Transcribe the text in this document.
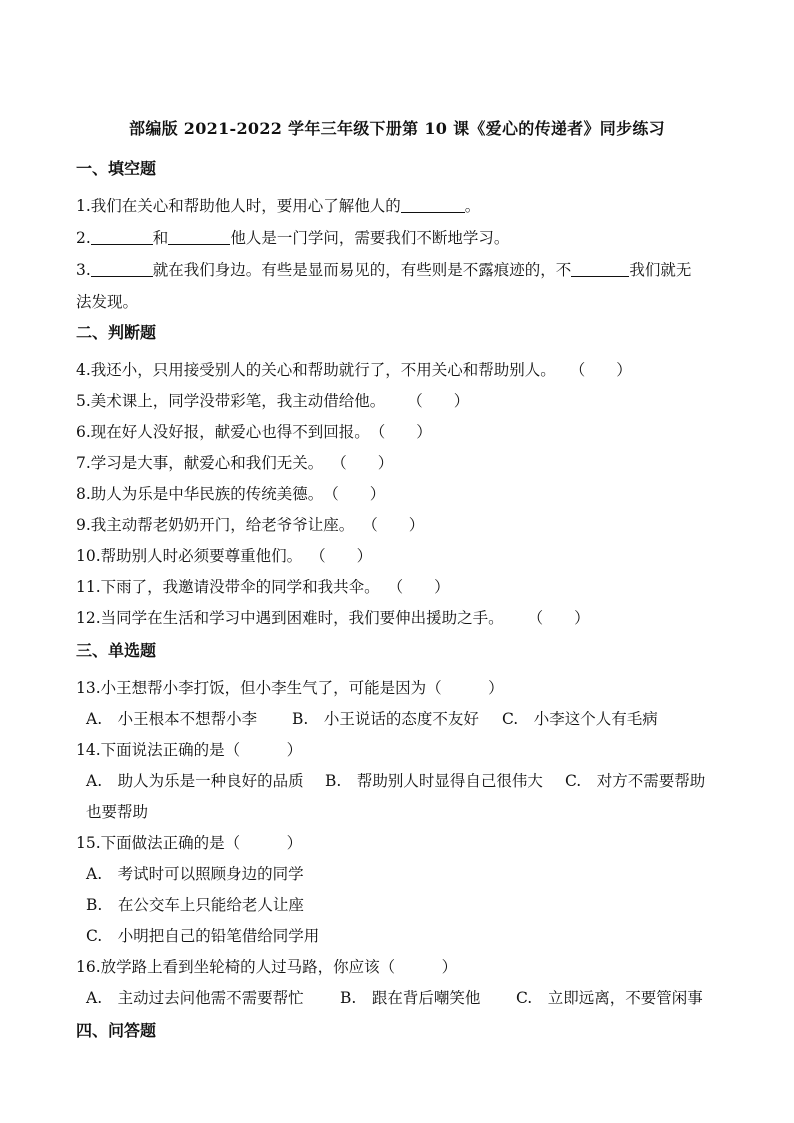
部编版 2021-2022 学年三年级下册第 10 课《爱心的传递者》同步练习
一、填空题
1.我们在关心和帮助他人时，要用心了解他人的	。
2.	和	他人是一门学问，需要我们不断地学习。
3.	就在我们身边。有些是显而易见的，有些则是不露痕迹的，不	我们就无
法发现。
二、判断题
4.我还小，只用接受别人的关心和帮助就行了，不用关心和帮助别人。 （　　）
5.美术课上，同学没带彩笔，我主动借给他。 （　　）
6.现在好人没好报，献爱心也得不到回报。（　　）
7.学习是大事，献爱心和我们无关。 （　　）
8.助人为乐是中华民族的传统美德。（　　）
9.我主动帮老奶奶开门，给老爷爷让座。 （　　）
10.帮助别人时必须要尊重他们。 （　　）
11.下雨了，我邀请没带伞的同学和我共伞。 （　　）
12.当同学在生活和学习中遇到困难时，我们要伸出援助之手。 （　　）
三、单选题
13.小王想帮小李打饭，但小李生气了，可能是因为（　　　）
A.　小王根本不想帮小李 B.　小王说话的态度不友好 C.　小李这个人有毛病
14.下面说法正确的是（　　　）
A.　助人为乐是一种良好的品质 B.　帮助别人时显得自己很伟大 C.　对方不需要帮助
也要帮助
15.下面做法正确的是（　　　）
A.　考试时可以照顾身边的同学
B.　在公交车上只能给老人让座
C.　小明把自己的铅笔借给同学用
16.放学路上看到坐轮椅的人过马路，你应该（　　　）
A.　主动过去问他需不需要帮忙 B.　跟在背后嘲笑他 C.　立即远离，不要管闲事
四、问答题
